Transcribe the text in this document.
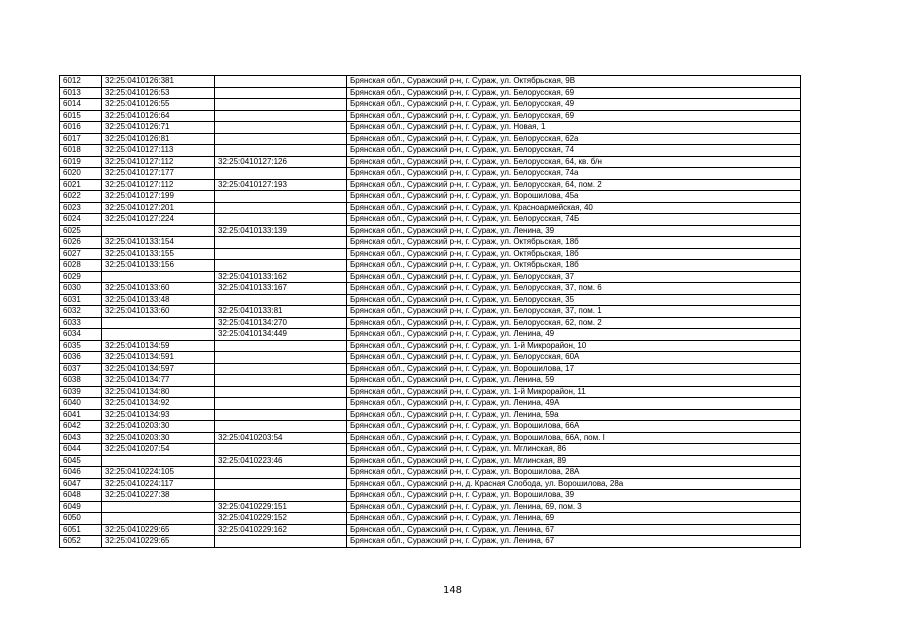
6012	32:25:0410126:381		Брянская обл., Суражский р-н, г. Сураж, ул. Октябрьская, 9В
6013	32:25:0410126:53		Брянская обл., Суражский р-н, г. Сураж, ул. Белорусская, 69
6014	32:25:0410126:55		Брянская обл., Суражский р-н, г. Сураж, ул. Белорусская, 49
6015	32:25:0410126:64		Брянская обл., Суражский р-н, г. Сураж, ул. Белорусская, 69
6016	32:25:0410126:71		Брянская обл., Суражский р-н, г. Сураж, ул. Новая, 1
6017	32:25:0410126:81		Брянская обл., Суражский р-н, г. Сураж, ул. Белорусская, 62а
6018	32:25:0410127:113		Брянская обл., Суражский р-н, г. Сураж, ул. Белорусская, 74
6019	32:25:0410127:112	32:25:0410127:126	Брянская обл., Суражский р-н, г. Сураж, ул. Белорусская, 64, кв. б/н
6020	32:25:0410127:177		Брянская обл., Суражский р-н, г. Сураж, ул. Белорусская, 74а
6021	32:25:0410127:112	32:25:0410127:193	Брянская обл., Суражский р-н, г. Сураж, ул. Белорусская, 64, пом. 2
6022	32:25:0410127:199		Брянская обл., Суражский р-н, г. Сураж, ул. Ворошилова, 45а
6023	32:25:0410127:201		Брянская обл., Суражский р-н, г. Сураж, ул. Красноармейская, 40
6024	32:25:0410127:224		Брянская обл., Суражский р-н, г. Сураж, ул. Белорусская, 74Б
6025		32:25:0410133:139	Брянская обл., Суражский р-н, г. Сураж, ул. Ленина, 39
6026	32:25:0410133:154		Брянская обл., Суражский р-н, г. Сураж, ул. Октябрьская, 18б
6027	32:25:0410133:155		Брянская обл., Суражский р-н, г. Сураж, ул. Октябрьская, 18б
6028	32:25:0410133:156		Брянская обл., Суражский р-н, г. Сураж, ул. Октябрьская, 18б
6029		32:25:0410133:162	Брянская обл., Суражский р-н, г. Сураж, ул. Белорусская, 37
6030	32:25:0410133:60	32:25:0410133:167	Брянская обл., Суражский р-н, г. Сураж, ул. Белорусская, 37, пом. 6
6031	32:25:0410133:48		Брянская обл., Суражский р-н, г. Сураж, ул. Белорусская, 35
6032	32:25:0410133:60	32:25:0410133:81	Брянская обл., Суражский р-н, г. Сураж, ул. Белорусская, 37, пом. 1
6033		32:25:0410134:270	Брянская обл., Суражский р-н, г. Сураж, ул. Белорусская, 62, пом. 2
6034		32:25:0410134:449	Брянская обл., Суражский р-н, г. Сураж, ул. Ленина, 49
6035	32:25:0410134:59		Брянская обл., Суражский р-н, г. Сураж, ул. 1-й Микрорайон, 10
6036	32:25:0410134:591		Брянская обл., Суражский р-н, г. Сураж, ул. Белорусская, 60А
6037	32:25:0410134:597		Брянская обл., Суражский р-н, г. Сураж, ул. Ворошилова, 17
6038	32:25:0410134:77		Брянская обл., Суражский р-н, г. Сураж, ул. Ленина, 59
6039	32:25:0410134:80		Брянская обл., Суражский р-н, г. Сураж, ул. 1-й Микрорайон, 11
6040	32:25:0410134:92		Брянская обл., Суражский р-н, г. Сураж, ул. Ленина, 49А
6041	32:25:0410134:93		Брянская обл., Суражский р-н, г. Сураж, ул. Ленина, 59а
6042	32:25:0410203:30		Брянская обл., Суражский р-н, г. Сураж, ул. Ворошилова, 66А
6043	32:25:0410203:30	32:25:0410203:54	Брянская обл., Суражский р-н, г. Сураж, ул. Ворошилова, 66А, пом. I
6044	32:25:0410207:54		Брянская обл., Суражский р-н, г. Сураж, ул. Мглинская, 86
6045		32:25:0410223:46	Брянская обл., Суражский р-н, г. Сураж, ул. Мглинская, 89
6046	32:25:0410224:105		Брянская обл., Суражский р-н, г. Сураж, ул. Ворошилова, 28А
6047	32:25:0410224:117		Брянская обл., Суражский р-н, д. Красная Слобода, ул. Ворошилова, 28а
6048	32:25:0410227:38		Брянская обл., Суражский р-н, г. Сураж, ул. Ворошилова, 39
6049		32:25:0410229:151	Брянская обл., Суражский р-н, г. Сураж, ул. Ленина, 69, пом. 3
6050		32:25:0410229:152	Брянская обл., Суражский р-н, г. Сураж, ул. Ленина, 69
6051	32:25:0410229:65	32:25:0410229:162	Брянская обл., Суражский р-н, г. Сураж, ул. Ленина, 67
6052	32:25:0410229:65		Брянская обл., Суражский р-н, г. Сураж, ул. Ленина, 67
148
